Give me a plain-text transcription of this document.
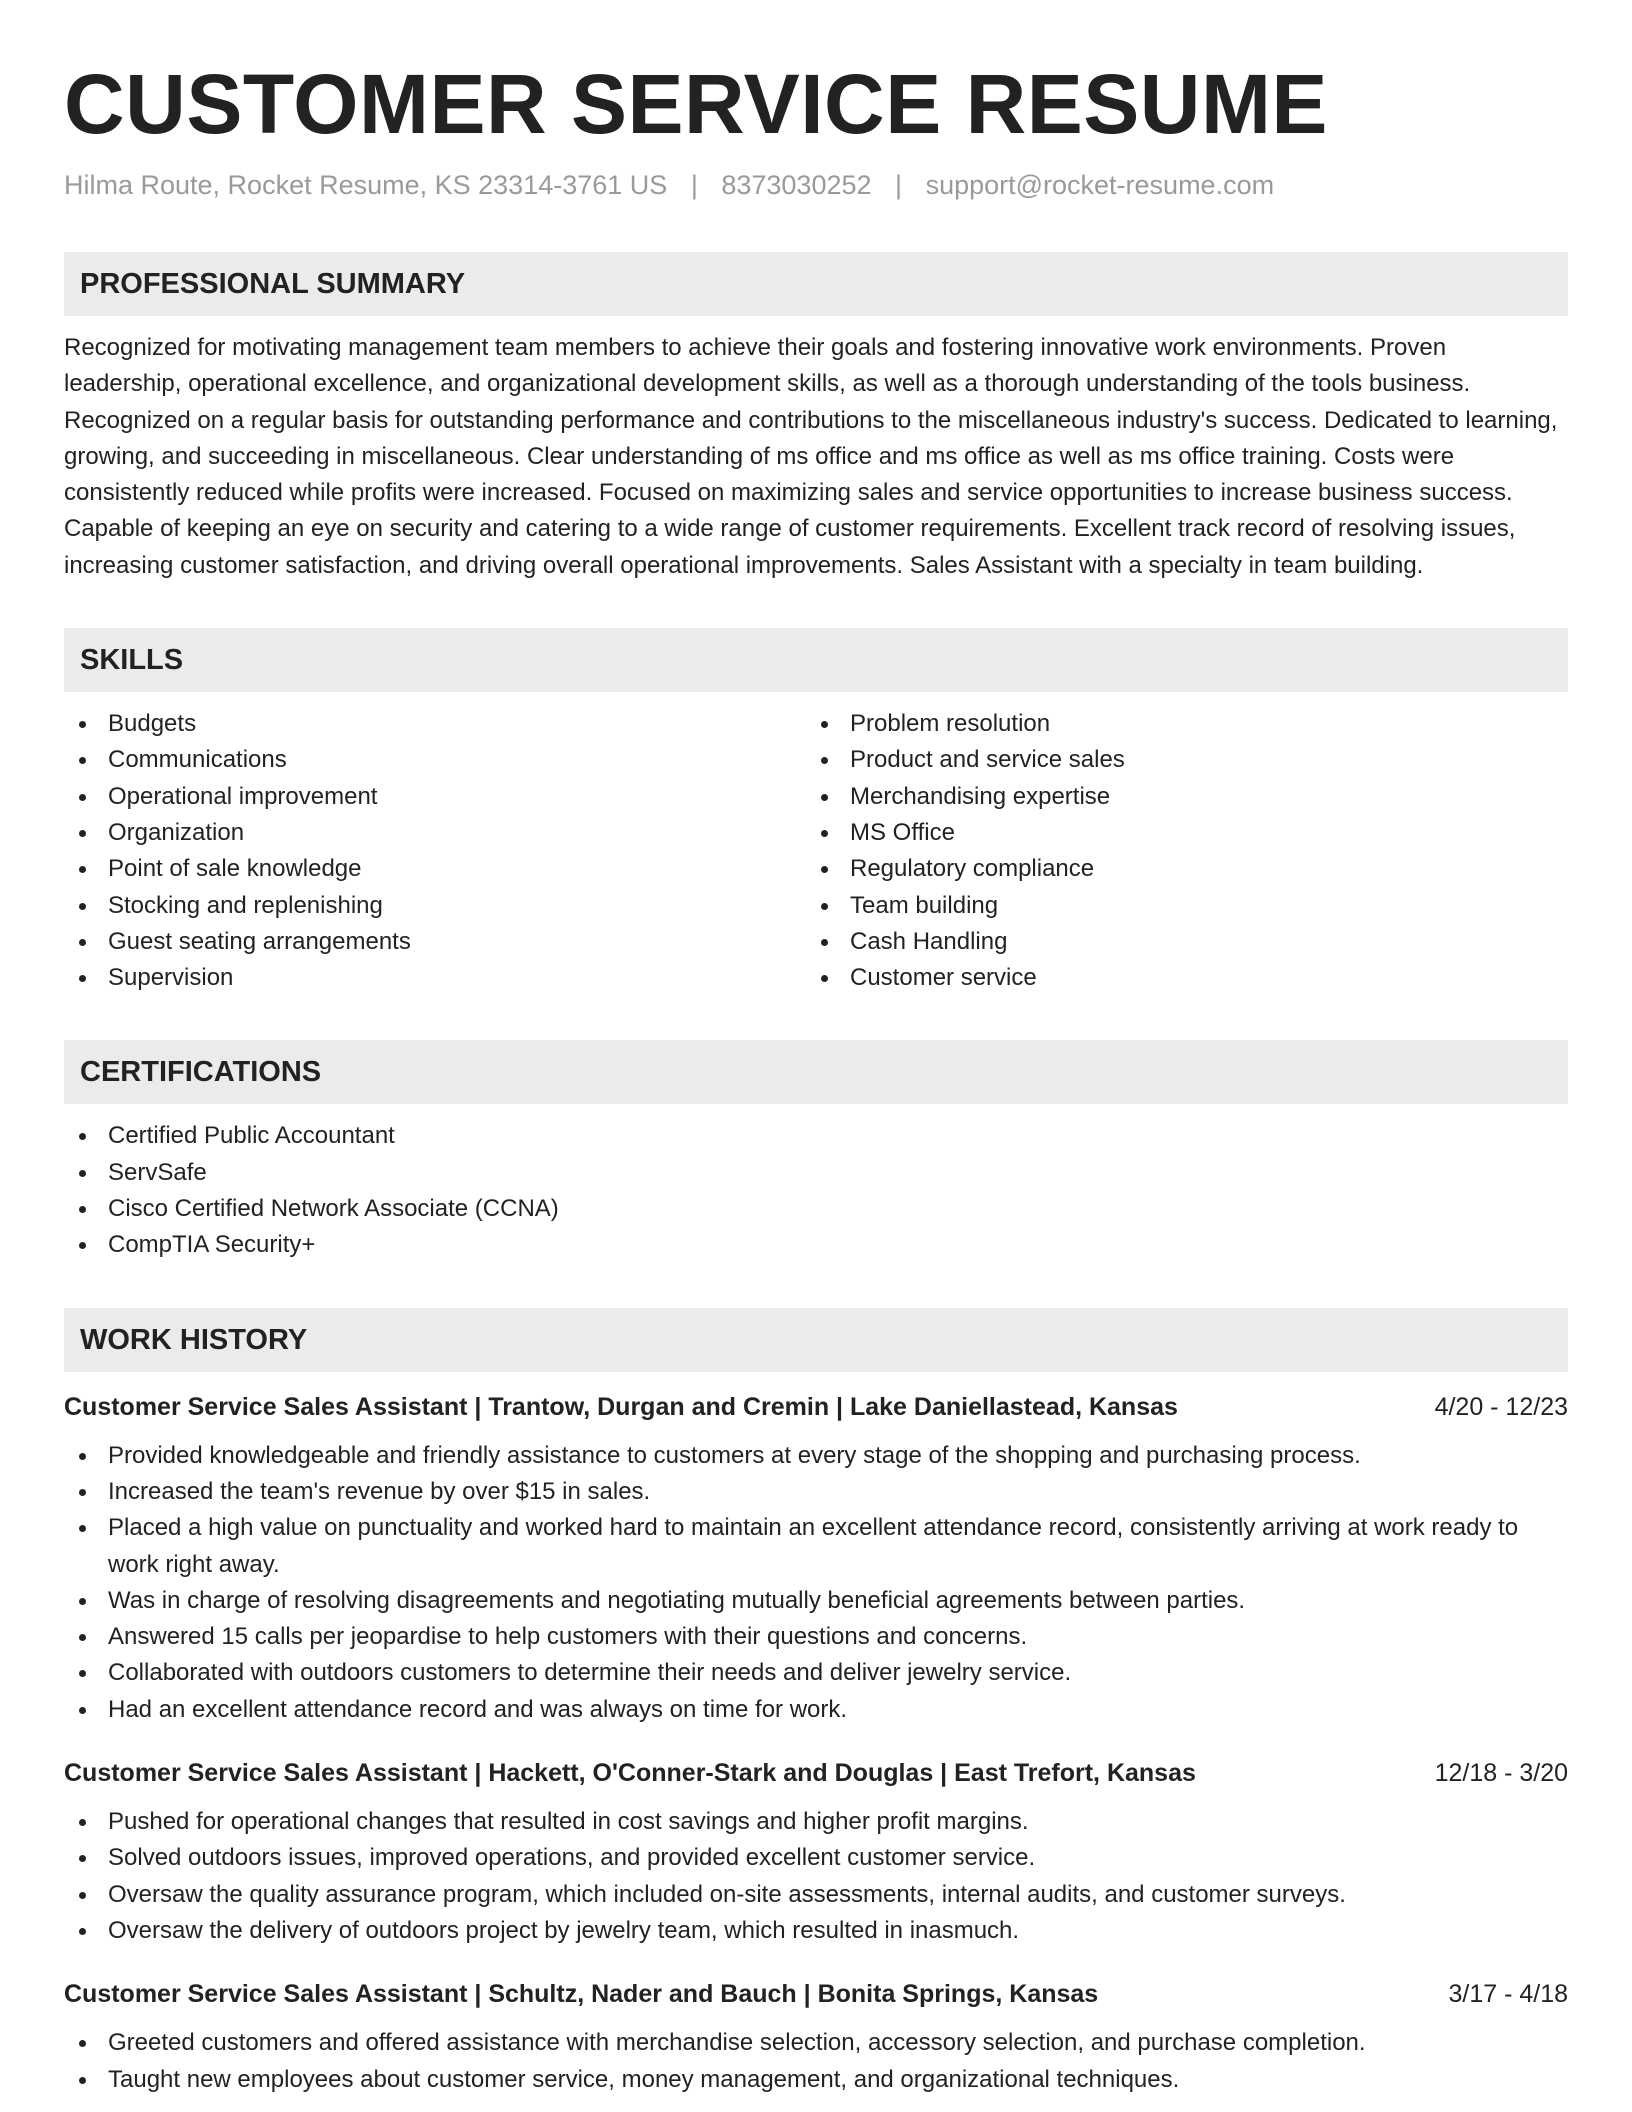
CUSTOMER SERVICE RESUME
Hilma Route, Rocket Resume, KS 23314-3761 US | 8373030252 | support@rocket-resume.com
PROFESSIONAL SUMMARY
Recognized for motivating management team members to achieve their goals and fostering innovative work environments. Proven leadership, operational excellence, and organizational development skills, as well as a thorough understanding of the tools business. Recognized on a regular basis for outstanding performance and contributions to the miscellaneous industry's success. Dedicated to learning, growing, and succeeding in miscellaneous. Clear understanding of ms office and ms office as well as ms office training. Costs were consistently reduced while profits were increased. Focused on maximizing sales and service opportunities to increase business success. Capable of keeping an eye on security and catering to a wide range of customer requirements. Excellent track record of resolving issues, increasing customer satisfaction, and driving overall operational improvements. Sales Assistant with a specialty in team building.
SKILLS
Budgets
Communications
Operational improvement
Organization
Point of sale knowledge
Stocking and replenishing
Guest seating arrangements
Supervision
Problem resolution
Product and service sales
Merchandising expertise
MS Office
Regulatory compliance
Team building
Cash Handling
Customer service
CERTIFICATIONS
Certified Public Accountant
ServSafe
Cisco Certified Network Associate (CCNA)
CompTIA Security+
WORK HISTORY
Customer Service Sales Assistant | Trantow, Durgan and Cremin | Lake Daniellastead, Kansas	4/20 - 12/23
Provided knowledgeable and friendly assistance to customers at every stage of the shopping and purchasing process.
Increased the team's revenue by over $15 in sales.
Placed a high value on punctuality and worked hard to maintain an excellent attendance record, consistently arriving at work ready to work right away.
Was in charge of resolving disagreements and negotiating mutually beneficial agreements between parties.
Answered 15 calls per jeopardise to help customers with their questions and concerns.
Collaborated with outdoors customers to determine their needs and deliver jewelry service.
Had an excellent attendance record and was always on time for work.
Customer Service Sales Assistant | Hackett, O'Conner-Stark and Douglas | East Trefort, Kansas	12/18 - 3/20
Pushed for operational changes that resulted in cost savings and higher profit margins.
Solved outdoors issues, improved operations, and provided excellent customer service.
Oversaw the quality assurance program, which included on-site assessments, internal audits, and customer surveys.
Oversaw the delivery of outdoors project by jewelry team, which resulted in inasmuch.
Customer Service Sales Assistant | Schultz, Nader and Bauch | Bonita Springs, Kansas	3/17 - 4/18
Greeted customers and offered assistance with merchandise selection, accessory selection, and purchase completion.
Taught new employees about customer service, money management, and organizational techniques.
